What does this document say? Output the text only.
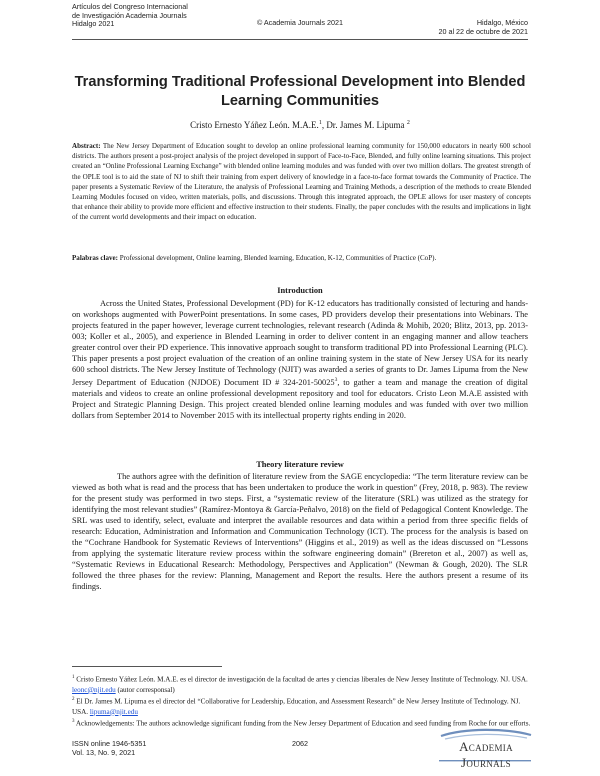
Artículos del Congreso Internacional
de Investigación Academia Journals
Hidalgo 2021	© Academia Journals 2021	Hidalgo, México
20 al 22 de octubre de 2021
Transforming Traditional Professional Development into Blended
Learning Communities
Cristo Ernesto Yáñez León. M.A.E.$^1$, Dr. James M. Lipuma $^2$
Abstract: The New Jersey Department of Education sought to develop an online professional learning community for 150,000 educators in nearly 600 school districts. The authors present a post-project analysis of the project developed in support of Face-to-Face, Blended, and fully online learning situations. This project created an “Online Professional Learning Exchange” with blended online learning modules and was funded with over two million dollars. The greatest strength of the OPLE tool is to aid the state of NJ to shift their training from expert delivery of knowledge in a face-to-face format towards the Community of Practice. The paper presents a Systematic Review of the Literature, the analysis of Professional Learning and Training Methods, a description of the methods to create Blended Learning Modules focused on video, written materials, polls, and discussions. Through this integrated approach, the OPLE allows for user mastery of concepts that enhance their ability to provide more efficient and effective instruction to their students. Finally, the paper concludes with the results and implications in light of the current world developments and their impact on education.
Palabras clave: Professional development, Online learning, Blended learning, Education, K-12, Communities of Practice (CoP).
Introduction
Across the United States, Professional Development (PD) for K-12 educators has traditionally consisted of lecturing and hands-on workshops augmented with PowerPoint presentations. In some cases, PD providers develop their presentations into Webinars. The projects featured in the paper however, leverage current technologies, relevant research (Adinda & Mohib, 2020; Blitz, 2013, pp. 2013-003; Koller et al., 2005), and experience in Blended Learning in order to deliver content in an engaging manner and allow teachers greater control over their PD experience. This innovative approach sought to transform traditional PD into Professional Learning (PLC). This paper presents a post project evaluation of the creation of an online training system in the state of New Jersey USA for its nearly 600 school districts. The New Jersey Institute of Technology (NJIT) was awarded a series of grants to Dr. James Lipuma from the New Jersey Department of Education (NJDOE) Document ID # 324-201-50025$^3$, to gather a team and manage the creation of digital materials and videos to create an online professional development repository and tool for educators. Cristo Leon M.A.E assisted with Project and Strategic Planning Design. This project created blended online learning modules and was funded with over two million dollars from September 2014 to November 2015 with its intellectual property rights ending in 2020.
Theory literature review
The authors agree with the definition of literature review from the SAGE encyclopedia: “The term literature review can be viewed as both what is read and the process that has been undertaken to produce the work in question” (Frey, 2018, p. 983). The review for the present study was performed in two steps. First, a “systematic review of the literature (SRL) was utilized as the strategy for identifying the most relevant studies” (Ramírez-Montoya & García-Peñalvo, 2018) on the field of Pedagogical Content Knowledge. The SRL was used to identify, select, evaluate and interpret the available resources and data within a period from three specific fields of research: Education, Administration and Information and Communication Technology (ICT). The process for the analysis is based on the “Cochrane Handbook for Systematic Reviews of Interventions” (Higgins et al., 2019) as well as the ideas discussed on “Lessons from applying the systematic literature review process within the software engineering domain” (Brereton et al., 2007) as well as, “Systematic Reviews in Educational Research: Methodology, Perspectives and Application” (Newman & Gough, 2020). The SLR followed the three phases for the review: Planning, Management and Report the results. Here the authors present a resume of its findings.
$^1$ Cristo Ernesto Yáñez León. M.A.E. es el director de investigación de la facultad de artes y ciencias liberales de New Jersey Institute of Technology. NJ. USA. leonc@njit.edu (autor corresponsal)
$^2$ El Dr. James M. Lipuma es el director del “Collaborative for Leadership, Education, and Assessment Research” de New Jersey Institute of Technology. NJ. USA. lipuma@njit.edu
$^3$ Acknowledgements: The authors acknowledge significant funding from the New Jersey Department of Education and seed funding from Roche for our efforts.
ISSN online 1946-5351
Vol. 13, No. 9, 2021
2062	Academia Journals
